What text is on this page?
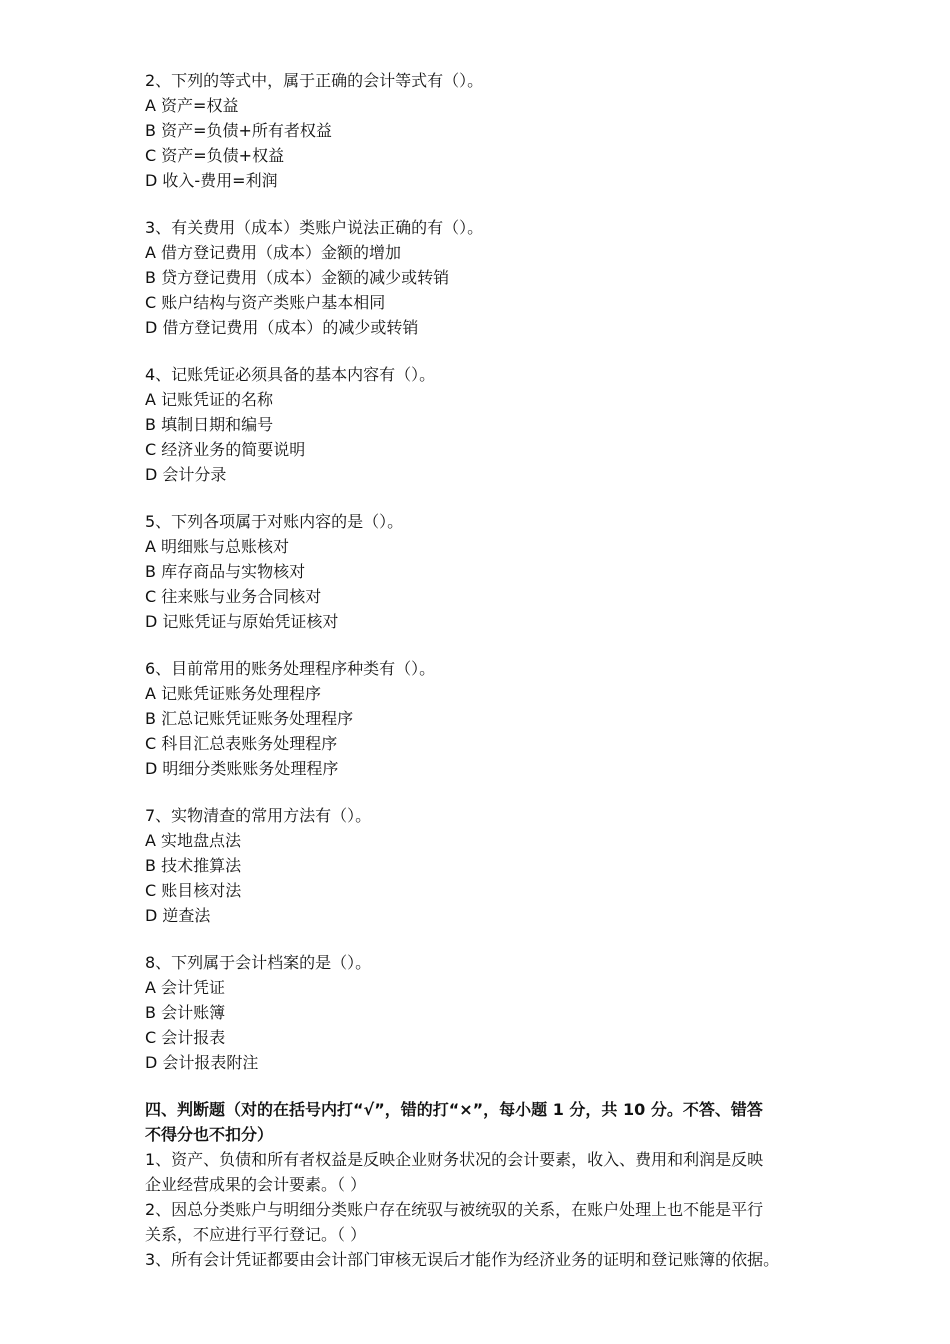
2、下列的等式中，属于正确的会计等式有（）。
A 资产=权益
B 资产=负债+所有者权益
C 资产=负债+权益
D 收入-费用=利润
3、有关费用（成本）类账户说法正确的有（）。
A 借方登记费用（成本）金额的增加
B 贷方登记费用（成本）金额的减少或转销
C 账户结构与资产类账户基本相同
D 借方登记费用（成本）的减少或转销
4、记账凭证必须具备的基本内容有（）。
A 记账凭证的名称
B 填制日期和编号
C 经济业务的简要说明
D 会计分录
5、下列各项属于对账内容的是（）。
A 明细账与总账核对
B 库存商品与实物核对
C 往来账与业务合同核对
D 记账凭证与原始凭证核对
6、目前常用的账务处理程序种类有（）。
A 记账凭证账务处理程序
B 汇总记账凭证账务处理程序
C 科目汇总表账务处理程序
D 明细分类账账务处理程序
7、实物清查的常用方法有（）。
A 实地盘点法
B 技术推算法
C 账目核对法
D 逆查法
8、下列属于会计档案的是（）。
A 会计凭证
B 会计账簿
C 会计报表
D 会计报表附注
四、判断题（对的在括号内打“√”，错的打“×”，每小题 1 分，共 10 分。不答、错答
不得分也不扣分）
1、资产、负债和所有者权益是反映企业财务状况的会计要素，收入、费用和利润是反映
企业经营成果的会计要素。（ ）
2、因总分类账户与明细分类账户存在统驭与被统驭的关系，在账户处理上也不能是平行
关系，不应进行平行登记。（ ）
3、所有会计凭证都要由会计部门审核无误后才能作为经济业务的证明和登记账簿的依据。
